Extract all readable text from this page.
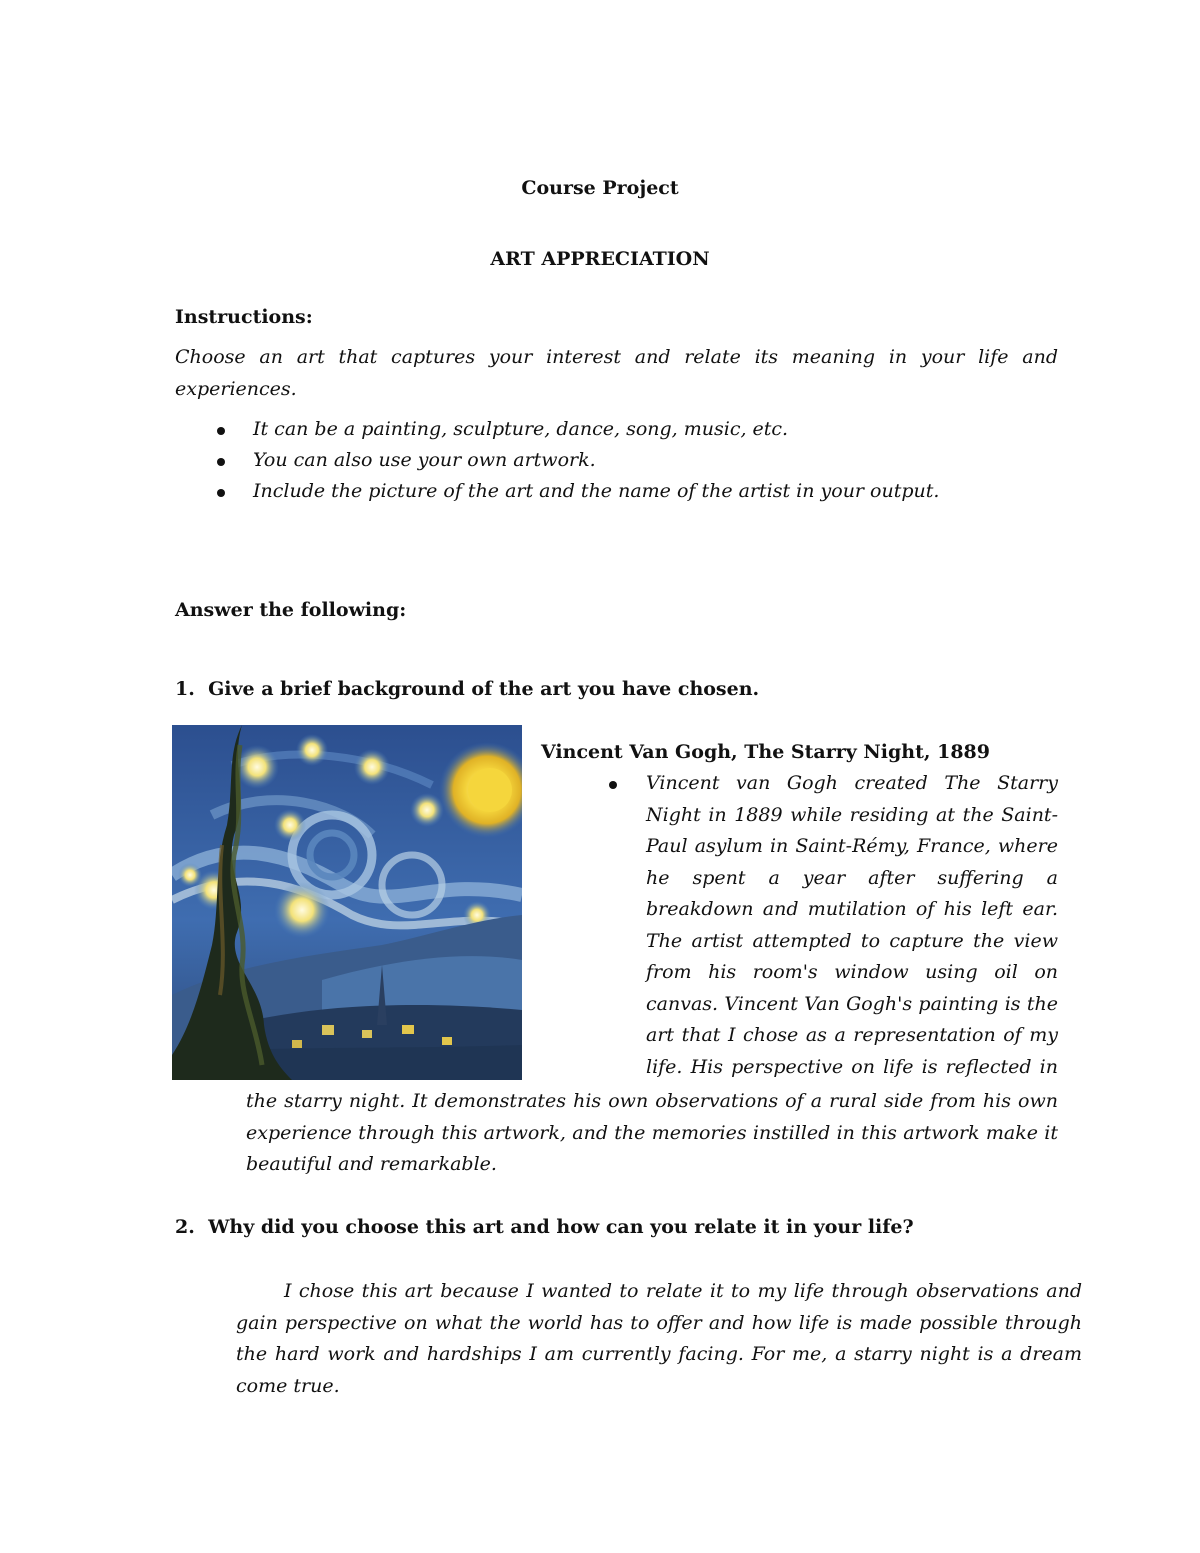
Course Project

ART APPRECIATION

Instructions:

Choose an art that captures your interest and relate its meaning in your life and experiences.

It can be a painting, sculpture, dance, song, music, etc.

You can also use your own artwork.

Include the picture of the art and the name of the artist in your output.

Answer the following:

1.  Give a brief background of the art you have chosen.

Vincent Van Gogh, The Starry Night, 1889

Vincent van Gogh created The Starry
Night in 1889 while residing at the Saint-
Paul asylum in Saint-Rémy, France, where
he spent a year after suffering a
breakdown and mutilation of his left ear.
The artist attempted to capture the view
from his room's window using oil on
canvas. Vincent Van Gogh's painting is the
art that I chose as a representation of my
life. His perspective on life is reflected in

the starry night. It demonstrates his own observations of a rural side from his own experience through this artwork, and the memories instilled in this artwork make it beautiful and remarkable.

2.  Why did you choose this art and how can you relate it in your life?

I chose this art because I wanted to relate it to my life through observations and gain perspective on what the world has to offer and how life is made possible through the hard work and hardships I am currently facing. For me, a starry night is a dream come true.
